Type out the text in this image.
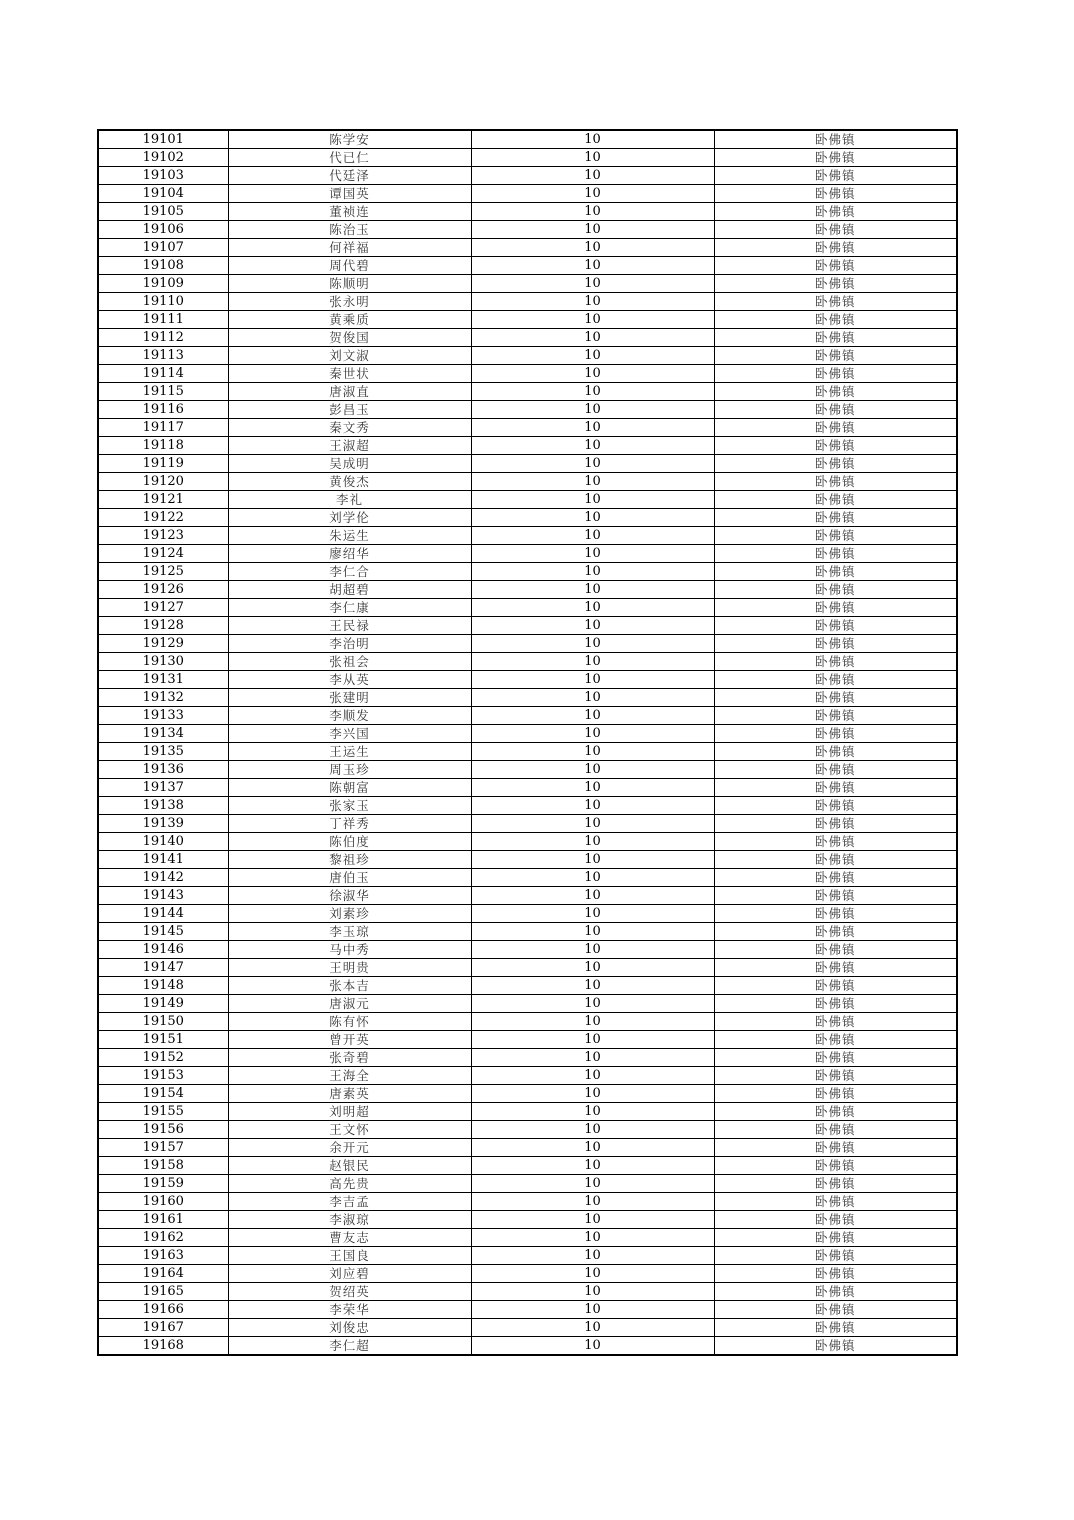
19101	陈学安	10	卧佛镇
19102	代已仁	10	卧佛镇
19103	代廷泽	10	卧佛镇
19104	谭国英	10	卧佛镇
19105	董祯连	10	卧佛镇
19106	陈治玉	10	卧佛镇
19107	何祥福	10	卧佛镇
19108	周代碧	10	卧佛镇
19109	陈顺明	10	卧佛镇
19110	张永明	10	卧佛镇
19111	黄乘质	10	卧佛镇
19112	贺俊国	10	卧佛镇
19113	刘文淑	10	卧佛镇
19114	秦世状	10	卧佛镇
19115	唐淑直	10	卧佛镇
19116	彭昌玉	10	卧佛镇
19117	秦文秀	10	卧佛镇
19118	王淑超	10	卧佛镇
19119	吴成明	10	卧佛镇
19120	黄俊杰	10	卧佛镇
19121	李礼	10	卧佛镇
19122	刘学伦	10	卧佛镇
19123	朱运生	10	卧佛镇
19124	廖绍华	10	卧佛镇
19125	李仁合	10	卧佛镇
19126	胡超碧	10	卧佛镇
19127	李仁康	10	卧佛镇
19128	王民禄	10	卧佛镇
19129	李治明	10	卧佛镇
19130	张祖会	10	卧佛镇
19131	李从英	10	卧佛镇
19132	张建明	10	卧佛镇
19133	李顺发	10	卧佛镇
19134	李兴国	10	卧佛镇
19135	王运生	10	卧佛镇
19136	周玉珍	10	卧佛镇
19137	陈朝富	10	卧佛镇
19138	张家玉	10	卧佛镇
19139	丁祥秀	10	卧佛镇
19140	陈伯度	10	卧佛镇
19141	黎祖珍	10	卧佛镇
19142	唐伯玉	10	卧佛镇
19143	徐淑华	10	卧佛镇
19144	刘素珍	10	卧佛镇
19145	李玉琼	10	卧佛镇
19146	马中秀	10	卧佛镇
19147	王明贵	10	卧佛镇
19148	张本吉	10	卧佛镇
19149	唐淑元	10	卧佛镇
19150	陈有怀	10	卧佛镇
19151	曾开英	10	卧佛镇
19152	张奇碧	10	卧佛镇
19153	王海全	10	卧佛镇
19154	唐素英	10	卧佛镇
19155	刘明超	10	卧佛镇
19156	王文怀	10	卧佛镇
19157	余开元	10	卧佛镇
19158	赵银民	10	卧佛镇
19159	高先贵	10	卧佛镇
19160	李吉孟	10	卧佛镇
19161	李淑琼	10	卧佛镇
19162	曹友志	10	卧佛镇
19163	王国良	10	卧佛镇
19164	刘应碧	10	卧佛镇
19165	贺绍英	10	卧佛镇
19166	李荣华	10	卧佛镇
19167	刘俊忠	10	卧佛镇
19168	李仁超	10	卧佛镇
